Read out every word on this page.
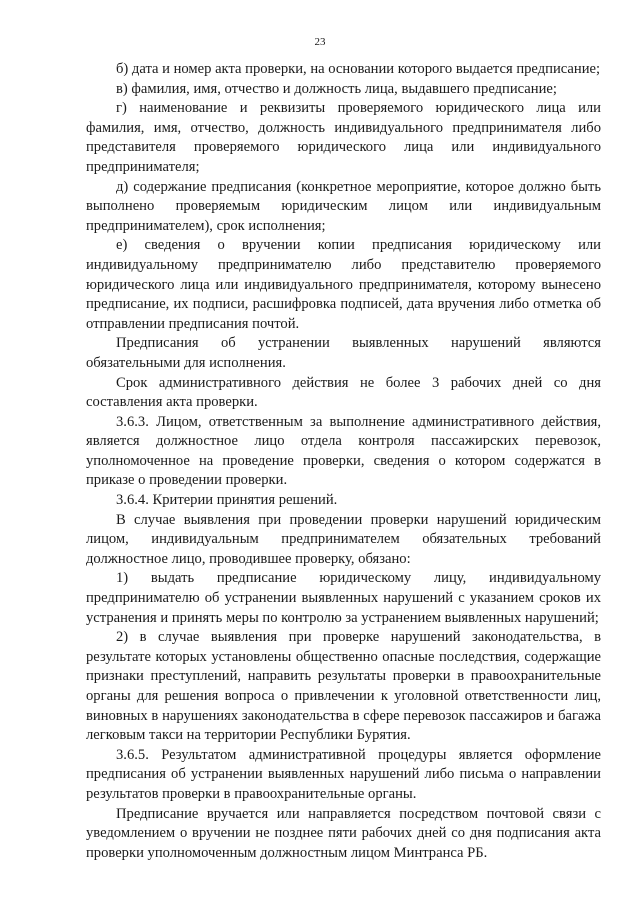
23

б) дата и номер акта проверки, на основании которого выдается предписание;

в) фамилия, имя, отчество и должность лица, выдавшего предписание;

г) наименование и реквизиты проверяемого юридического лица или фамилия, имя, отчество, должность индивидуального предпринимателя либо представителя проверяемого юридического лица или индивидуального предпринимателя;

д) содержание предписания (конкретное мероприятие, которое должно быть выполнено проверяемым юридическим лицом или индивидуальным предпринимателем), срок исполнения;

е) сведения о вручении копии предписания юридическому или индивидуальному предпринимателю либо представителю проверяемого юридического лица или индивидуального предпринимателя, которому вынесено предписание, их подписи, расшифровка подписей, дата вручения либо отметка об отправлении предписания почтой.

Предписания об устранении выявленных нарушений являются обязательными для исполнения.

Срок административного действия не более 3 рабочих дней со дня составления акта проверки.

3.6.3. Лицом, ответственным за выполнение административного действия, является должностное лицо отдела контроля пассажирских перевозок, уполномоченное на проведение проверки, сведения о котором содержатся в приказе о проведении проверки.

3.6.4. Критерии принятия решений.

В случае выявления при проведении проверки нарушений юридическим лицом, индивидуальным предпринимателем обязательных требований должностное лицо, проводившее проверку, обязано:

1) выдать предписание юридическому лицу, индивидуальному предпринимателю об устранении выявленных нарушений с указанием сроков их устранения и принять меры по контролю за устранением выявленных нарушений;

2) в случае выявления при проверке нарушений законодательства, в результате которых установлены общественно опасные последствия, содержащие признаки преступлений, направить результаты проверки в правоохранительные органы для решения вопроса о привлечении к уголовной ответственности лиц, виновных в нарушениях законодательства в сфере перевозок пассажиров и багажа легковым такси на территории Республики Бурятия.

3.6.5. Результатом административной процедуры является оформление предписания об устранении выявленных нарушений либо письма о направлении результатов проверки в правоохранительные органы.

Предписание вручается или направляется посредством почтовой связи с уведомлением о вручении не позднее пяти рабочих дней со дня подписания акта проверки уполномоченным должностным лицом Минтранса РБ.
